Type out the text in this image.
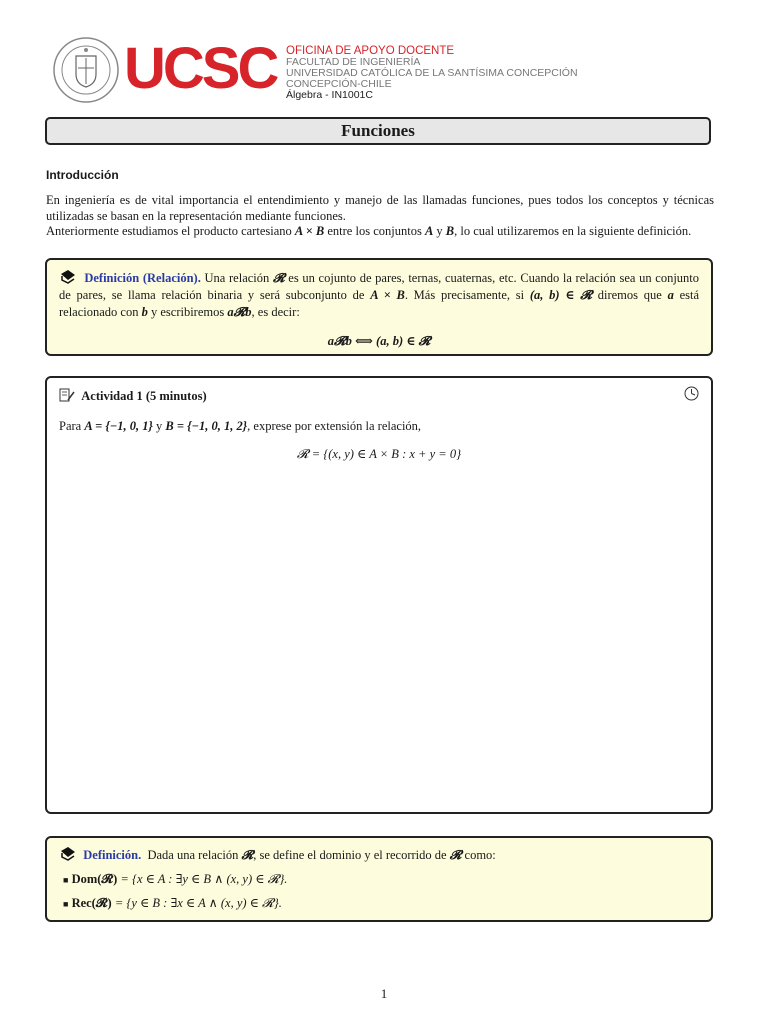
UCSC OFICINA DE APOYO DOCENTE
FACULTAD DE INGENIERÍA
UNIVERSIDAD CATÓLICA DE LA SANTÍSIMA CONCEPCIÓN
CONCEPCIÓN-CHILE
Álgebra - IN1001C
Funciones
Introducción
En ingeniería es de vital importancia el entendimiento y manejo de las llamadas funciones, pues todos los conceptos y técnicas utilizadas se basan en la representación mediante funciones.
Anteriormente estudiamos el producto cartesiano A × B entre los conjuntos A y B, lo cual utilizaremos en la siguiente definición.
Definición (Relación). Una relación 𝓡 es un cojunto de pares, ternas, cuaternas, etc. Cuando la relación sea un conjunto de pares, se llama relación binaria y será subconjunto de A × B. Más precisamente, si (a, b) ∈ 𝓡 diremos que a está relacionado con b y escribiremos a𝓡b, es decir:
a𝓡b ⟺ (a, b) ∈ 𝓡
Actividad 1 (5 minutos)
Para A = {−1, 0, 1} y B = {−1, 0, 1, 2}, exprese por extensión la relación,
𝓡 = {(x, y) ∈ A × B : x + y = 0}
Definición. Dada una relación 𝓡, se define el dominio y el recorrido de 𝓡 como:
■ Dom(𝓡) = {x ∈ A : ∃y ∈ B ∧ (x, y) ∈ 𝓡}.
■ Rec(𝓡) = {y ∈ B : ∃x ∈ A ∧ (x, y) ∈ 𝓡}.
1
